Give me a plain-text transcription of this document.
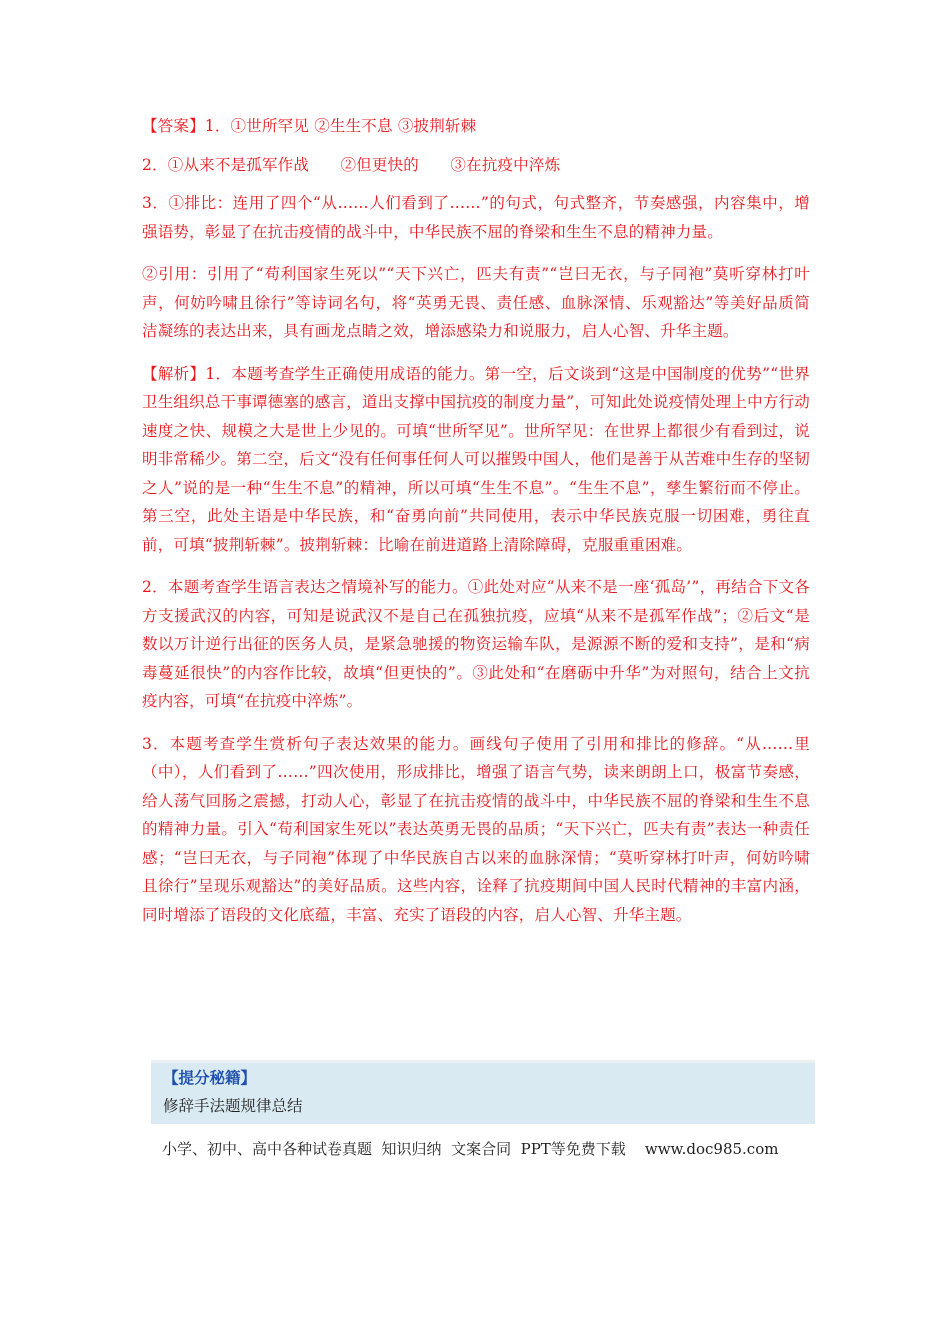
【答案】1．①世所罕见 ②生生不息 ③披荆斩棘

2．①从来不是孤军作战　　②但更快的　　③在抗疫中淬炼

3．①排比：连用了四个“从……人们看到了……”的句式，句式整齐，节奏感强，内容集中，增强语势，彰显了在抗击疫情的战斗中，中华民族不屈的脊梁和生生不息的精神力量。

②引用：引用了“苟利国家生死以”“天下兴亡，匹夫有责”“岂曰无衣，与子同袍”莫听穿林打叶声，何妨吟啸且徐行”等诗词名句，将“英勇无畏、责任感、血脉深情、乐观豁达”等美好品质简洁凝练的表达出来，具有画龙点睛之效，增添感染力和说服力，启人心智、升华主题。

【解析】1．本题考查学生正确使用成语的能力。第一空，后文谈到“这是中国制度的优势”“世界卫生组织总干事谭德塞的感言，道出支撑中国抗疫的制度力量”，可知此处说疫情处理上中方行动速度之快、规模之大是世上少见的。可填“世所罕见”。世所罕见：在世界上都很少有看到过，说明非常稀少。第二空，后文“没有任何事任何人可以摧毁中国人，他们是善于从苦难中生存的坚韧之人”说的是一种“生生不息”的精神，所以可填“生生不息”。“生生不息”，孳生繁衍而不停止。第三空，此处主语是中华民族，和“奋勇向前”共同使用，表示中华民族克服一切困难，勇往直前，可填“披荆斩棘”。披荆斩棘：比喻在前进道路上清除障碍，克服重重困难。

2．本题考查学生语言表达之情境补写的能力。①此处对应“从来不是一座‘孤岛’”，再结合下文各方支援武汉的内容，可知是说武汉不是自己在孤独抗疫，应填“从来不是孤军作战”；②后文“是数以万计逆行出征的医务人员，是紧急驰援的物资运输车队，是源源不断的爱和支持”，是和“病毒蔓延很快”的内容作比较，故填“但更快的”。③此处和“在磨砺中升华”为对照句，结合上文抗疫内容，可填“在抗疫中淬炼”。

3．本题考查学生赏析句子表达效果的能力。画线句子使用了引用和排比的修辞。“从……里（中），人们看到了……”四次使用，形成排比，增强了语言气势，读来朗朗上口，极富节奏感，给人荡气回肠之震撼，打动人心，彰显了在抗击疫情的战斗中，中华民族不屈的脊梁和生生不息的精神力量。引入“苟利国家生死以”表达英勇无畏的品质；“天下兴亡，匹夫有责”表达一种责任感；“岂曰无衣，与子同袍”体现了中华民族自古以来的血脉深情；“莫听穿林打叶声，何妨吟啸且徐行”呈现乐观豁达”的美好品质。这些内容，诠释了抗疫期间中国人民时代精神的丰富内涵，同时增添了语段的文化底蕴，丰富、充实了语段的内容，启人心智、升华主题。

【提分秘籍】
修辞手法题规律总结
小学、初中、高中各种试卷真题  知识归纳  文案合同  PPT等免费下载    www.doc985.com
